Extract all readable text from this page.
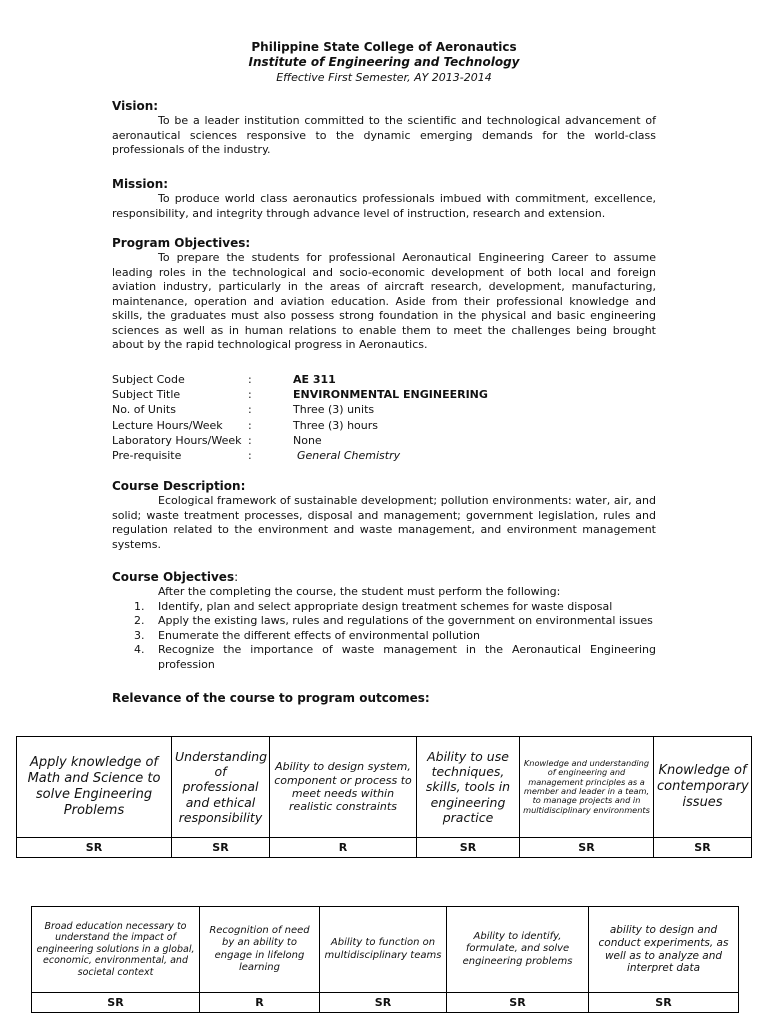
Philippine State College of Aeronautics
Institute of Engineering and Technology
Effective First Semester, AY 2013-2014
Vision:

To be a leader institution committed to the scientific and technological advancement of aeronautical sciences responsive to the dynamic emerging demands for the world-class professionals of the industry.

Mission:

To produce world class aeronautics professionals imbued with commitment, excellence, responsibility, and integrity through advance level of instruction, research and extension.

Program Objectives:

To prepare the students for professional Aeronautical Engineering Career to assume leading roles in the technological and socio-economic development of both local and foreign aviation industry, particularly in the areas of aircraft research, development, manufacturing, maintenance, operation and aviation education. Aside from their professional knowledge and skills, the graduates must also possess strong foundation in the physical and basic engineering sciences as well as in human relations to enable them to meet the challenges being brought about by the rapid technological progress in Aeronautics.

Subject Code	:	AE 311
Subject Title	:	ENVIRONMENTAL ENGINEERING
No. of Units	:	Three (3) units
Lecture Hours/Week :	Three (3) hours
Laboratory Hours/Week :	None
Pre-requisite	:	General Chemistry
Course Description:

Ecological framework of sustainable development; pollution environments: water, air, and solid; waste treatment processes, disposal and management; government legislation, rules and regulation related to the environment and waste management, and environment management systems.

Course Objectives:

After the completing the course, the student must perform the following:

1. Identify, plan and select appropriate design treatment schemes for waste disposal
2. Apply the existing laws, rules and regulations of the government on environmental issues
3. Enumerate the different effects of environmental pollution
4. Recognize the importance of waste management in the Aeronautical Engineering profession
Relevance of the course to program outcomes:
Apply knowledge of Math and Science to solve Engineering Problems	Understanding of professional and ethical responsibility	Ability to design system, component or process to meet needs within realistic constraints	Ability to use techniques, skills, tools in engineering practice	Knowledge and understanding of engineering and management principles as a member and leader in a team, to manage projects and in multidisciplinary environments	Knowledge of contemporary issues
SR	SR	R	SR	SR	SR
Broad education necessary to understand the impact of engineering solutions in a global, economic, environmental, and societal context	Recognition of need by an ability to engage in lifelong learning	Ability to function on multidisciplinary teams	Ability to identify, formulate, and solve engineering problems	ability to design and conduct experiments, as well as to analyze and interpret data
SR	R	SR	SR	SR
